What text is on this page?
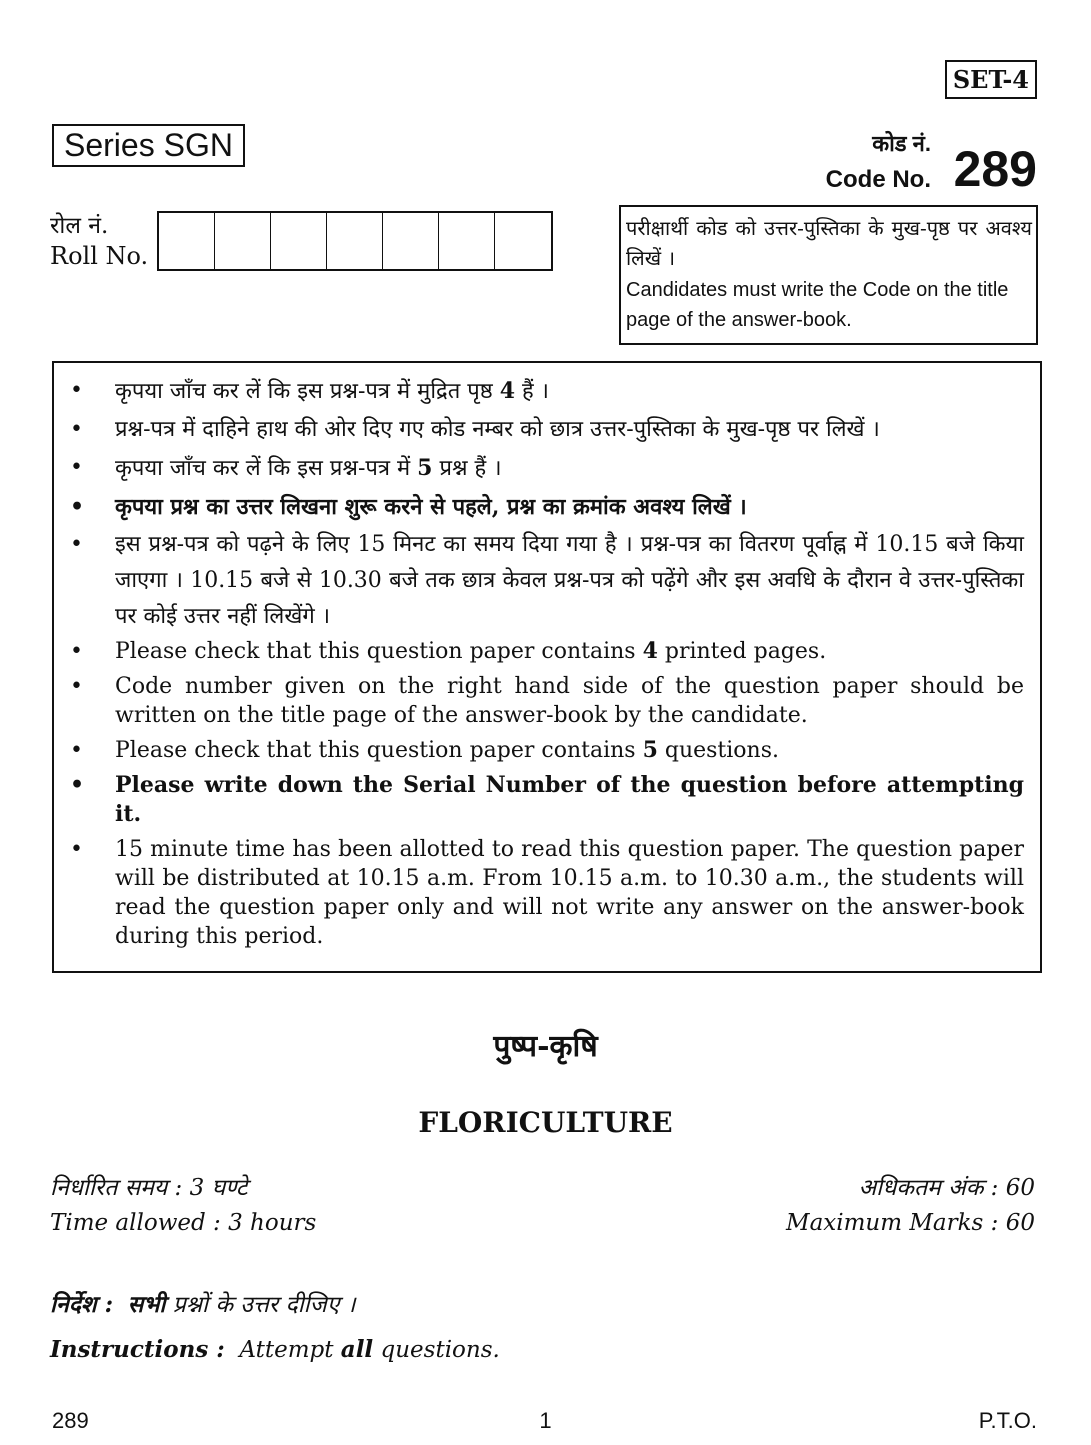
SET-4
Series SGN	कोड नं.
Code No. 289
रोल नं.
Roll No.
परीक्षार्थी कोड को उत्तर-पुस्तिका के मुख-पृष्ठ पर अवश्य लिखें ।
Candidates must write the Code on the title page of the answer-book.
• कृपया जाँच कर लें कि इस प्रश्न-पत्र में मुद्रित पृष्ठ 4 हैं ।
• प्रश्न-पत्र में दाहिने हाथ की ओर दिए गए कोड नम्बर को छात्र उत्तर-पुस्तिका के मुख-पृष्ठ पर लिखें ।
• कृपया जाँच कर लें कि इस प्रश्न-पत्र में 5 प्रश्न हैं ।
• कृपया प्रश्न का उत्तर लिखना शुरू करने से पहले, प्रश्न का क्रमांक अवश्य लिखें ।
• इस प्रश्न-पत्र को पढ़ने के लिए 15 मिनट का समय दिया गया है । प्रश्न-पत्र का वितरण पूर्वाह्न में 10.15 बजे किया जाएगा । 10.15 बजे से 10.30 बजे तक छात्र केवल प्रश्न-पत्र को पढ़ेंगे और इस अवधि के दौरान वे उत्तर-पुस्तिका पर कोई उत्तर नहीं लिखेंगे ।
• Please check that this question paper contains 4 printed pages.
• Code number given on the right hand side of the question paper should be written on the title page of the answer-book by the candidate.
• Please check that this question paper contains 5 questions.
• Please write down the Serial Number of the question before attempting it.
• 15 minute time has been allotted to read this question paper. The question paper will be distributed at 10.15 a.m. From 10.15 a.m. to 10.30 a.m., the students will read the question paper only and will not write any answer on the answer-book during this period.
पुष्प-कृषि
FLORICULTURE
निर्धारित समय : 3 घण्टे
Time allowed : 3 hours
अधिकतम अंक : 60
Maximum Marks : 60
निर्देश : सभी प्रश्नों के उत्तर दीजिए ।
Instructions : Attempt all questions.
289	1	P.T.O.
